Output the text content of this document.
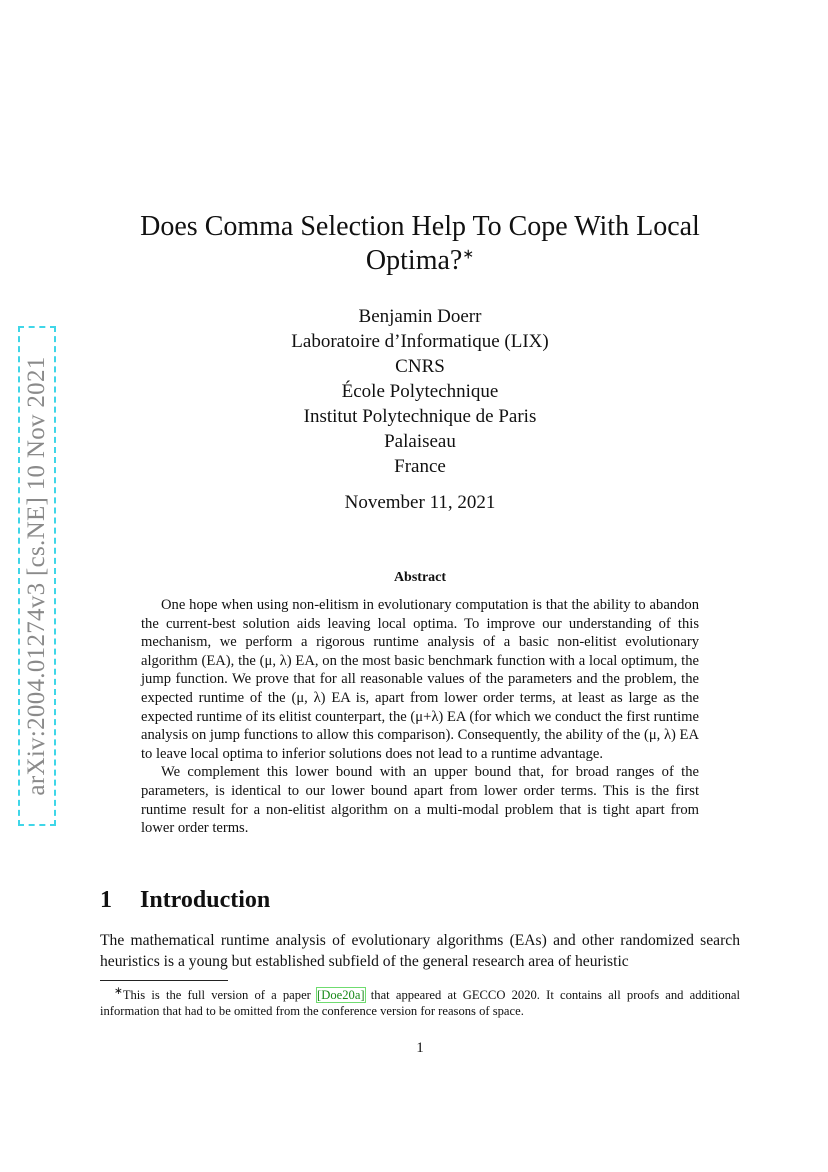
arXiv:2004.01274v3 [cs.NE] 10 Nov 2021
Does Comma Selection Help To Cope With Local
Optima?∗
Benjamin Doerr
Laboratoire d’Informatique (LIX)
CNRS
École Polytechnique
Institut Polytechnique de Paris
Palaiseau
France
November 11, 2021
Abstract

One hope when using non-elitism in evolutionary computation is that the ability to abandon the current-best solution aids leaving local optima. To improve our understanding of this mechanism, we perform a rigorous runtime analysis of a basic non-elitist evolutionary algorithm (EA), the (μ, λ) EA, on the most basic benchmark function with a local optimum, the jump function. We prove that for all reasonable values of the parameters and the problem, the expected runtime of the (μ, λ) EA is, apart from lower order terms, at least as large as the expected runtime of its elitist counterpart, the (μ+λ) EA (for which we conduct the first runtime analysis on jump functions to allow this comparison). Consequently, the ability of the (μ, λ) EA to leave local optima to inferior solutions does not lead to a runtime advantage.

We complement this lower bound with an upper bound that, for broad ranges of the parameters, is identical to our lower bound apart from lower order terms. This is the first runtime result for a non-elitist algorithm on a multi-modal problem that is tight apart from lower order terms.

1 Introduction

The mathematical runtime analysis of evolutionary algorithms (EAs) and other randomized search heuristics is a young but established subfield of the general research area of heuristic

∗This is the full version of a paper [Doe20a] that appeared at GECCO 2020. It contains all proofs and additional information that had to be omitted from the conference version for reasons of space.
1
